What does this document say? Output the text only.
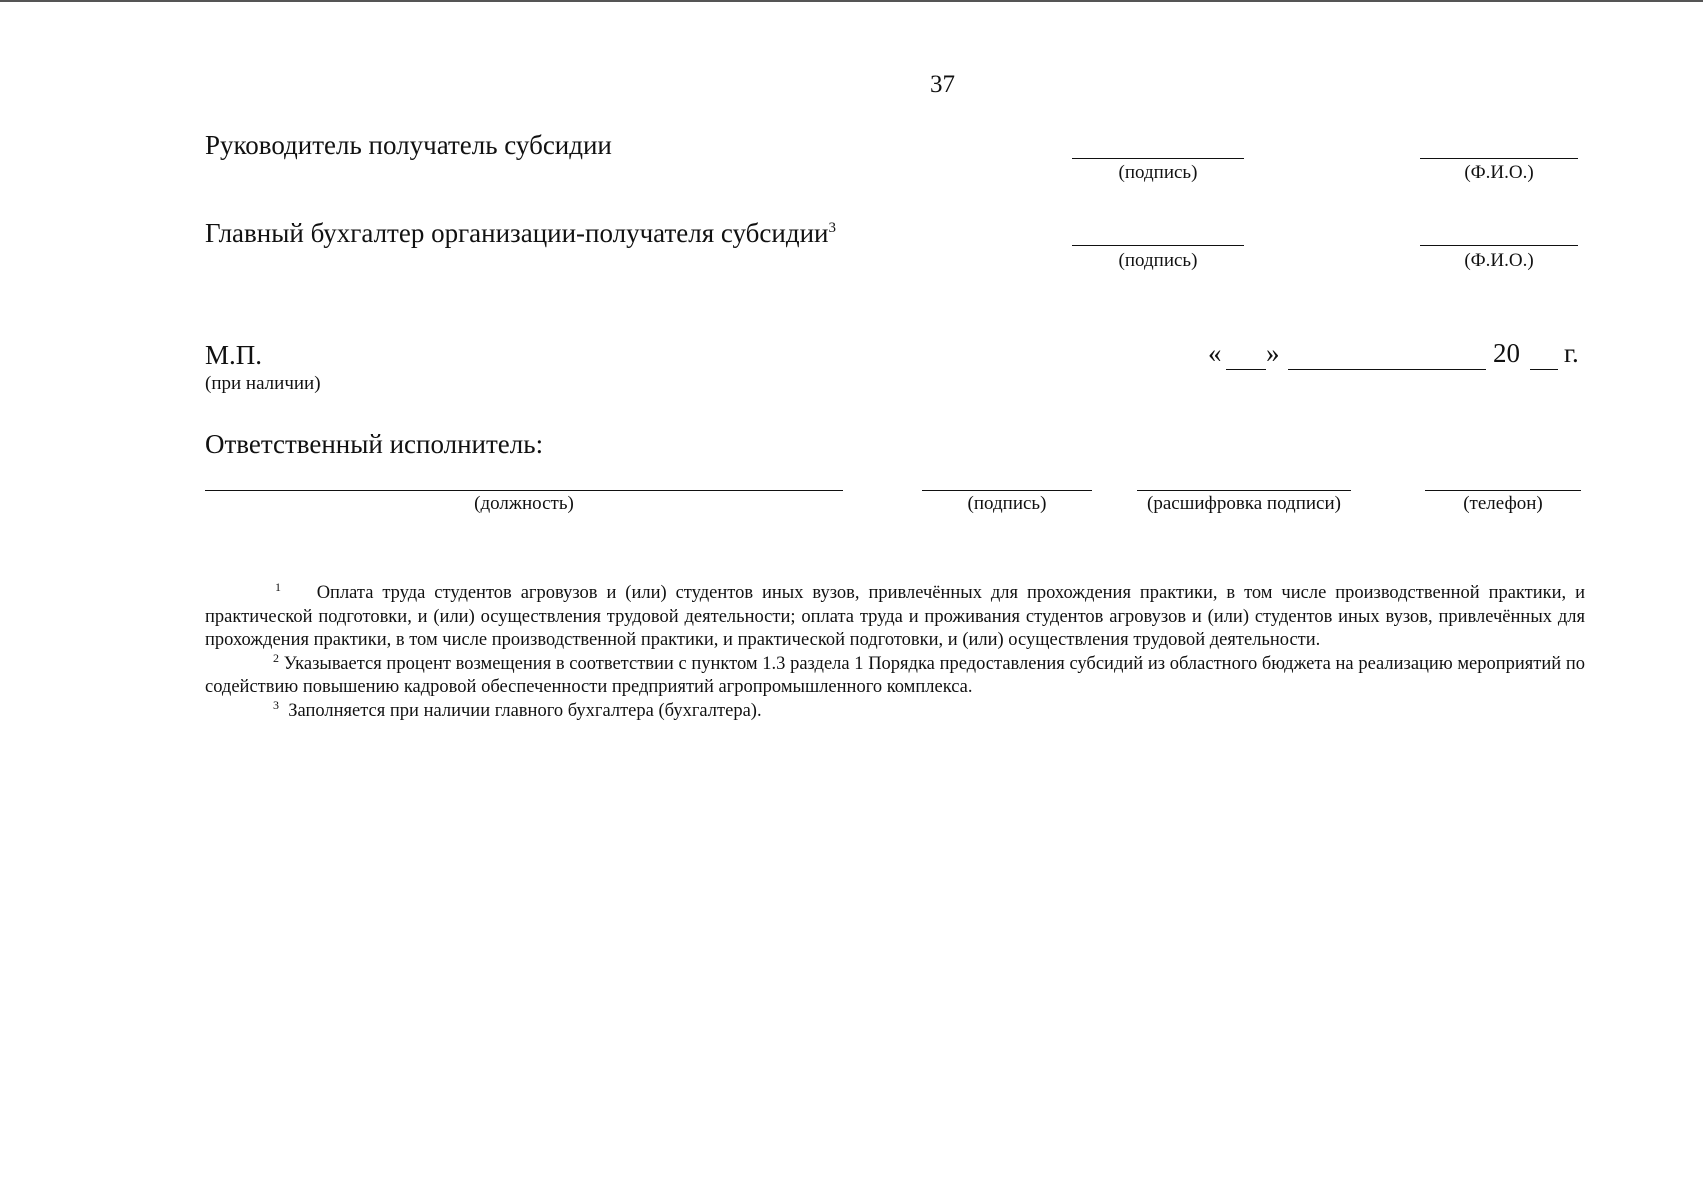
37
Руководитель получатель субсидии
(подпись)	(Ф.И.О.)
Главный бухгалтер организации-получателя субсидии$^3$
(подпись)	(Ф.И.О.)
М.П.
(при наличии)
« »	20 г.
Ответственный исполнитель:
(должность)	(подпись)	(расшифровка подписи)	(телефон)

$^1$ Оплата труда студентов агровузов и (или) студентов иных вузов, привлечённых для прохождения практики, в том числе производственной практики, и практической подготовки, и (или) осуществления трудовой деятельности; оплата труда и проживания студентов агровузов и (или) студентов иных вузов, привлечённых для прохождения практики, в том числе производственной практики, и практической подготовки, и (или) осуществления трудовой деятельности.

$^2$ Указывается процент возмещения в соответствии с пунктом 1.3 раздела 1 Порядка предоставления субсидий из областного бюджета на реализацию мероприятий по содействию повышению кадровой обеспеченности предприятий агропромышленного комплекса.

$^3$ Заполняется при наличии главного бухгалтера (бухгалтера).
